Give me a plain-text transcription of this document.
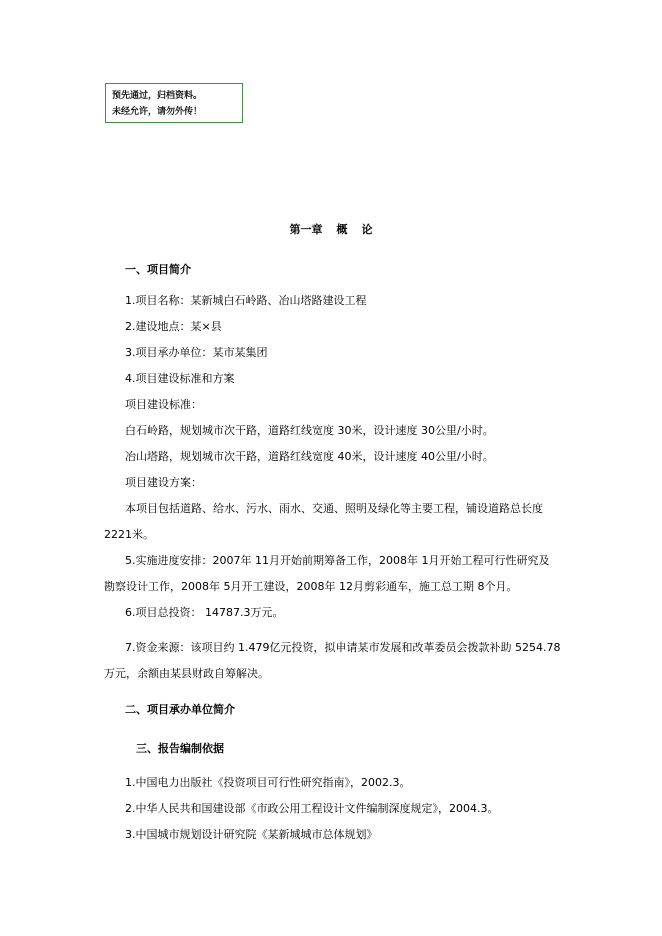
预先通过，归档资料。
未经允许，请勿外传！
第一章 概 论
一、项目简介
1.项目名称：某新城白石岭路、冶山塔路建设工程
2.建设地点：某×县
3.项目承办单位：某市某集团
4.项目建设标准和方案
项目建设标准：
白石岭路，规划城市次干路，道路红线宽度 30米，设计速度 30公里/小时。
冶山塔路，规划城市次干路，道路红线宽度 40米，设计速度 40公里/小时。
项目建设方案：
本项目包括道路、给水、污水、雨水、交通、照明及绿化等主要工程，铺设道路总长度
2221米。
5.实施进度安排：2007年 11月开始前期筹备工作，2008年 1月开始工程可行性研究及
勘察设计工作，2008年 5月开工建设，2008年 12月剪彩通车，施工总工期 8个月。
6.项目总投资： 14787.3万元。
7.资金来源：该项目约 1.479亿元投资，拟申请某市发展和改革委员会拨款补助 5254.78
万元，余额由某县财政自筹解决。
二、项目承办单位简介
三、报告编制依据
1.中国电力出版社《投资项目可行性研究指南》，2002.3。
2.中华人民共和国建设部《市政公用工程设计文件编制深度规定》，2004.3。
3.中国城市规划设计研究院《某新城城市总体规划》
